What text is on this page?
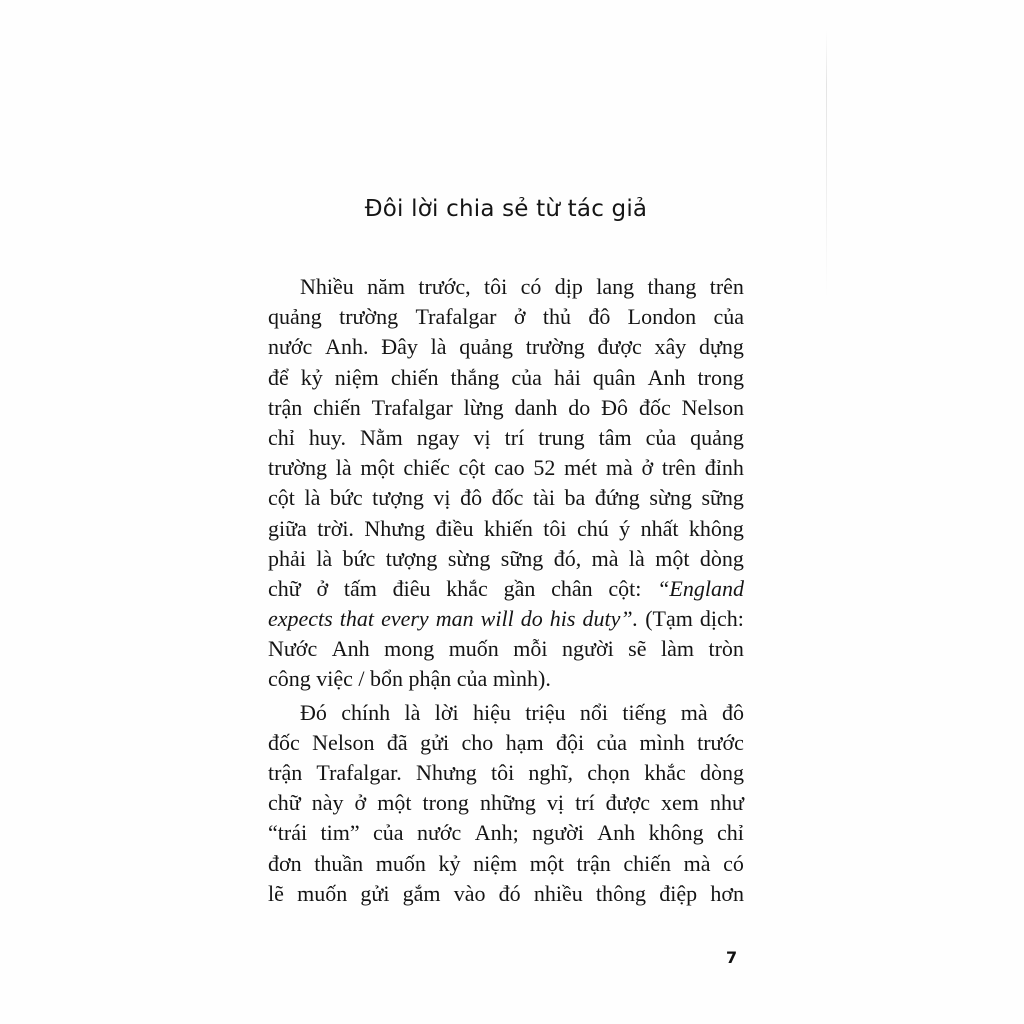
Đôi lời chia sẻ từ tác giả
Nhiều năm trước, tôi có dịp lang thang trên
quảng trường Trafalgar ở thủ đô London của
nước Anh. Đây là quảng trường được xây dựng
để kỷ niệm chiến thắng của hải quân Anh trong
trận chiến Trafalgar lừng danh do Đô đốc Nelson
chỉ huy. Nằm ngay vị trí trung tâm của quảng
trường là một chiếc cột cao 52 mét mà ở trên đỉnh
cột là bức tượng vị đô đốc tài ba đứng sừng sững
giữa trời. Nhưng điều khiến tôi chú ý nhất không
phải là bức tượng sừng sững đó, mà là một dòng
chữ ở tấm điêu khắc gần chân cột: “England
expects that every man will do his duty”. (Tạm dịch:
Nước Anh mong muốn mỗi người sẽ làm tròn
công việc / bổn phận của mình).
Đó chính là lời hiệu triệu nổi tiếng mà đô
đốc Nelson đã gửi cho hạm đội của mình trước
trận Trafalgar. Nhưng tôi nghĩ, chọn khắc dòng
chữ này ở một trong những vị trí được xem như
“trái tim” của nước Anh; người Anh không chỉ
đơn thuần muốn kỷ niệm một trận chiến mà có
lẽ muốn gửi gắm vào đó nhiều thông điệp hơn
7
